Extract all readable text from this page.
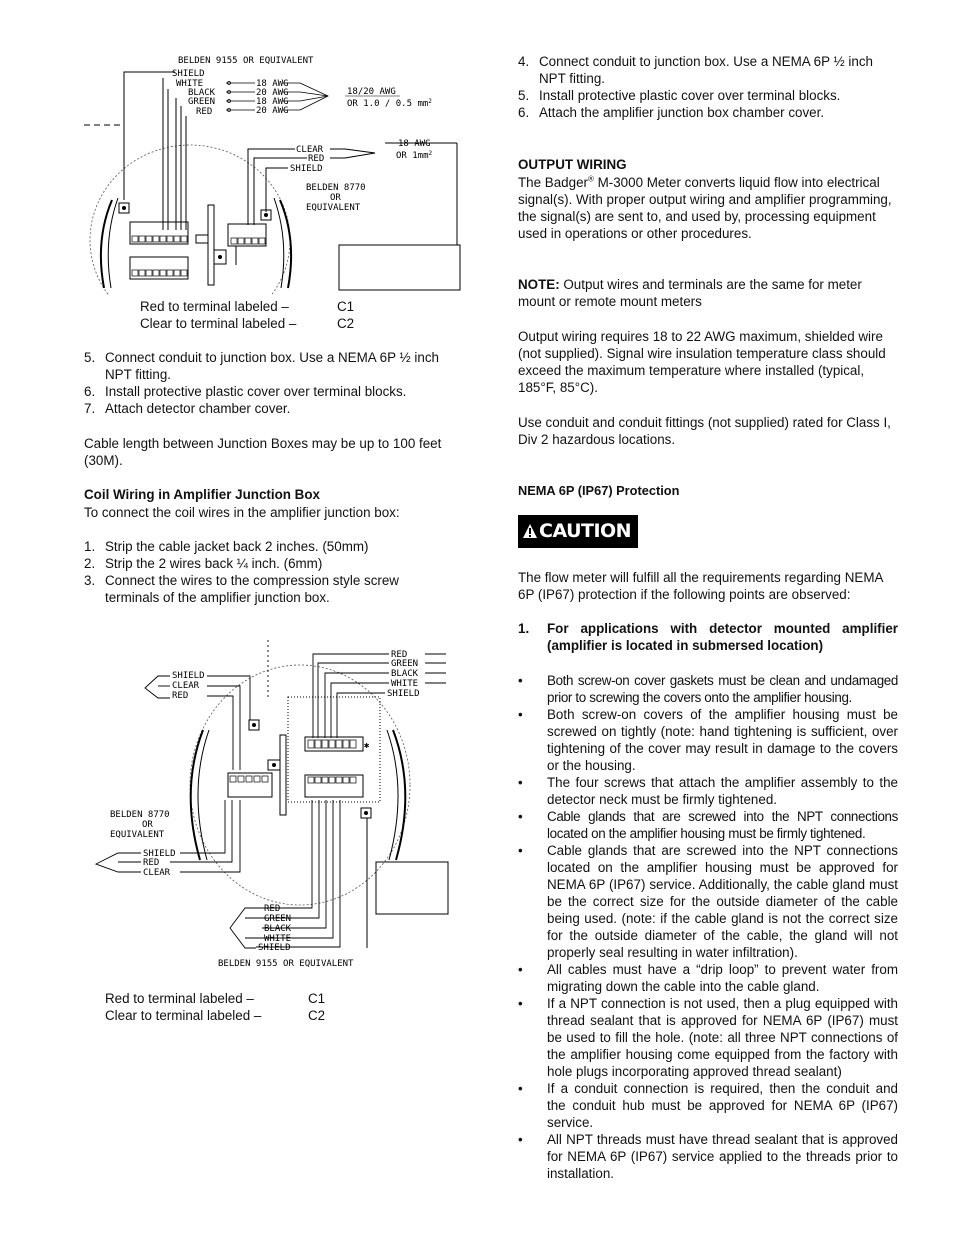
BELDEN 9155 OR EQUIVALENT
SHIELD
WHITE
BLACK
GREEN
RED
18 AWG
20 AWG
18 AWG
20 AWG
18/20 AWG
OR 1.0 / 0.5 $mm^2$
CLEAR
RED
SHIELD
18 AWG
OR $1mm^2$
BELDEN 8770
OR
EQUIVALENT
Red to terminal labeled –	C1
Clear to terminal labeled –	C2
5. Connect conduit to junction box. Use a NEMA 6P ½ inch NPT fitting.
6. Install protective plastic cover over terminal blocks.
7. Attach detector chamber cover.

Cable length between Junction Boxes may be up to 100 feet (30M).

Coil Wiring in Amplifier Junction Box

To connect the coil wires in the amplifier junction box:

1. Strip the cable jacket back 2 inches. (50mm)
2. Strip the 2 wires back ¼ inch. (6mm)
3. Connect the wires to the compression style screw terminals of the amplifier junction box.
SHIELD
CLEAR
RED
RED
GREEN
BLACK
WHITE
SHIELD
✱
BELDEN 8770
OR
EQUIVALENT
SHIELD
RED
CLEAR
RED
GREEN
BLACK
WHITE
SHIELD
BELDEN 9155 OR EQUIVALENT
Red to terminal labeled –	C1
Clear to terminal labeled –	C2
4. Connect conduit to junction box. Use a NEMA 6P ½ inch NPT fitting.
5. Install protective plastic cover over terminal blocks.
6. Attach the amplifier junction box chamber cover.

OUTPUT WIRING

The Badger® M-3000 Meter converts liquid flow into electrical signal(s). With proper output wiring and amplifier programming, the signal(s) are sent to, and used by, processing equipment used in operations or other procedures.

NOTE: Output wires and terminals are the same for meter mount or remote mount meters

Output wiring requires 18 to 22 AWG maximum, shielded wire (not supplied). Signal wire insulation temperature class should exceed the maximum temperature where installed (typical, 185°F, 85°C).

Use conduit and conduit fittings (not supplied) rated for Class I, Div 2 hazardous locations.

NEMA 6P (IP67) Protection

CAUTION

The flow meter will fulfill all the requirements regarding NEMA 6P (IP67) protection if the following points are observed:

1. For applications with detector mounted amplifier (amplifier is located in submersed location)
• Both screw-on cover gaskets must be clean and undamaged prior to screwing the covers onto the amplifier housing.
• Both screw-on covers of the amplifier housing must be screwed on tightly (note: hand tightening is sufficient, over tightening of the cover may result in damage to the covers or the housing.
• The four screws that attach the amplifier assembly to the detector neck must be firmly tightened.
• Cable glands that are screwed into the NPT connections located on the amplifier housing must be firmly tightened.
• Cable glands that are screwed into the NPT connections located on the amplifier housing must be approved for NEMA 6P (IP67) service. Additionally, the cable gland must be the correct size for the outside diameter of the cable being used. (note: if the cable gland is not the correct size for the outside diameter of the cable, the gland will not properly seal resulting in water infiltration).
• All cables must have a “drip loop” to prevent water from migrating down the cable into the cable gland.
• If a NPT connection is not used, then a plug equipped with thread sealant that is approved for NEMA 6P (IP67) must be used to fill the hole. (note: all three NPT connections of the amplifier housing come equipped from the factory with hole plugs incorporating approved thread sealant)
• If a conduit connection is required, then the conduit and the conduit hub must be approved for NEMA 6P (IP67) service.
• All NPT threads must have thread sealant that is approved for NEMA 6P (IP67) service applied to the threads prior to installation.
